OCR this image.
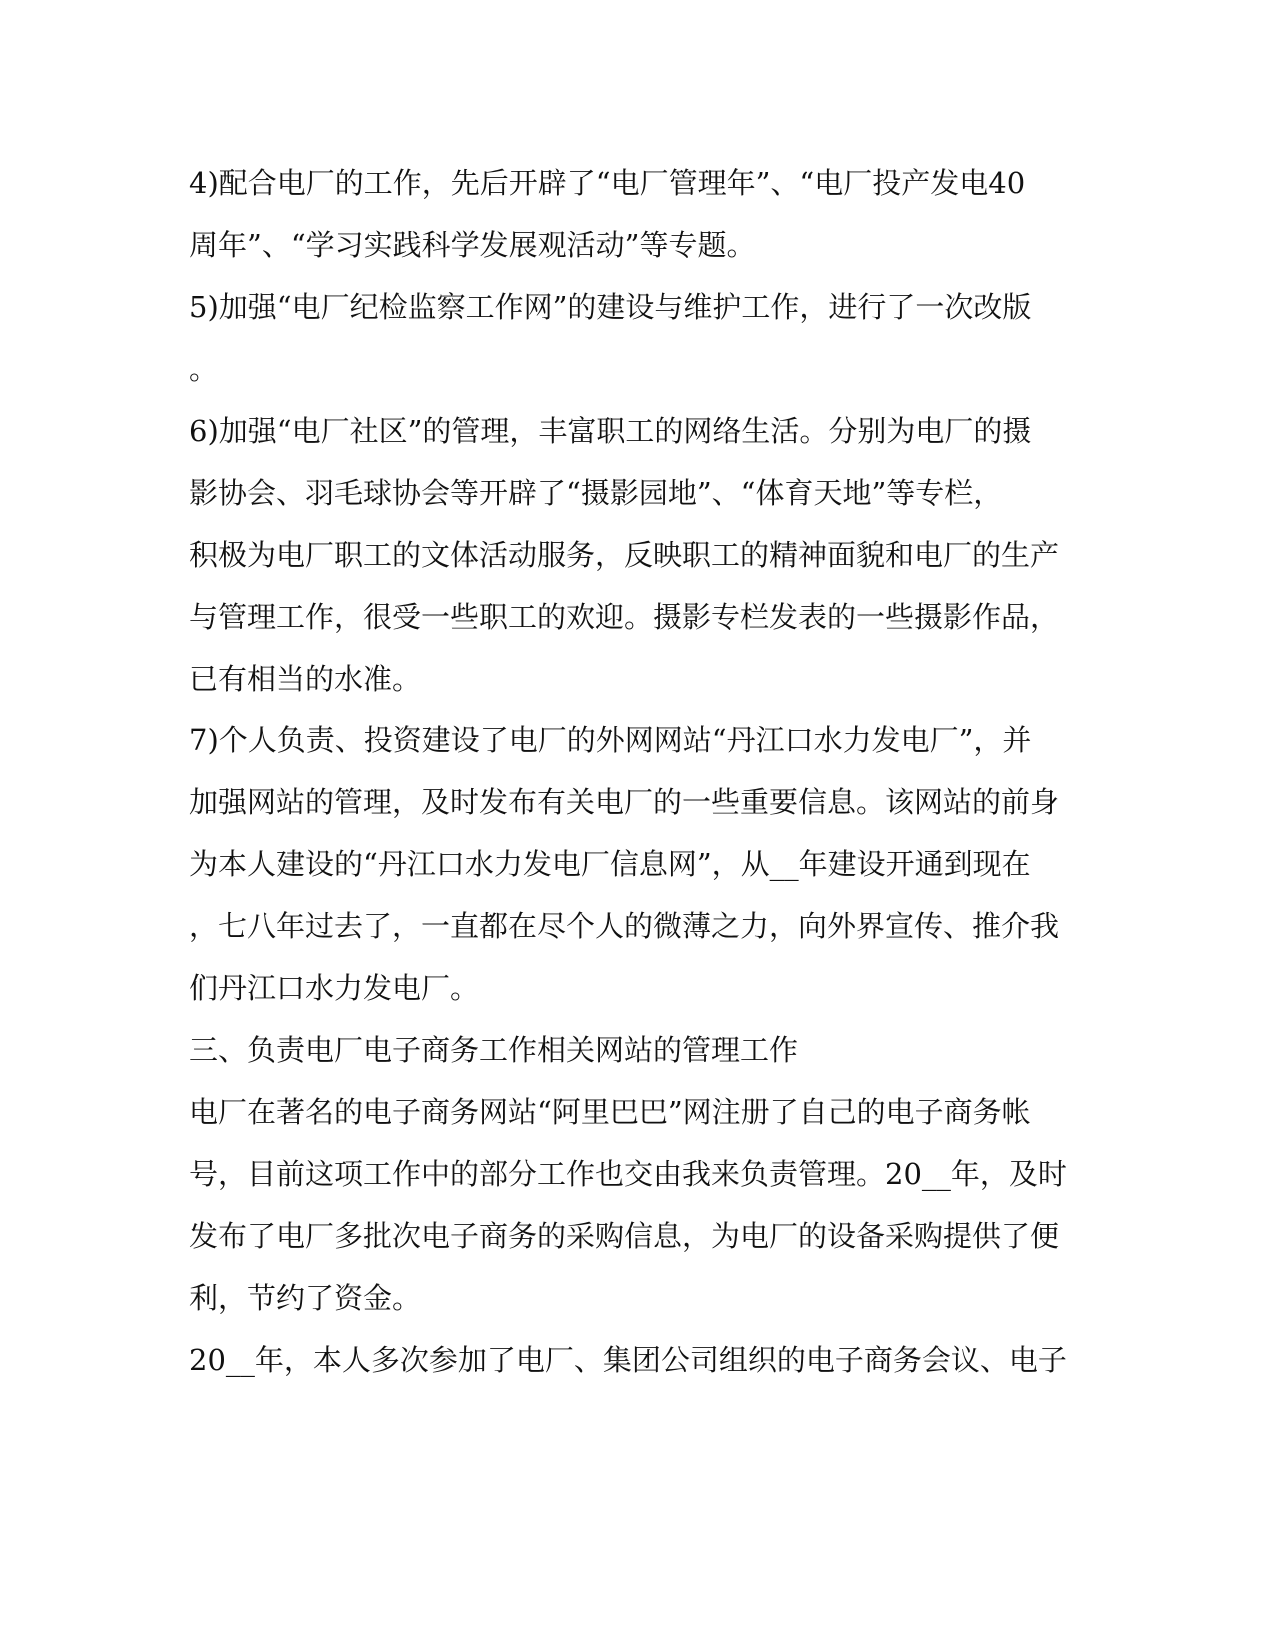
4)配合电厂的工作，先后开辟了“电厂管理年”、“电厂投产发电40
周年”、“学习实践科学发展观活动”等专题。
5)加强“电厂纪检监察工作网”的建设与维护工作，进行了一次改版
。
6)加强“电厂社区”的管理，丰富职工的网络生活。分别为电厂的摄
影协会、羽毛球协会等开辟了“摄影园地”、“体育天地”等专栏，
积极为电厂职工的文体活动服务，反映职工的精神面貌和电厂的生产
与管理工作，很受一些职工的欢迎。摄影专栏发表的一些摄影作品，
已有相当的水准。
7)个人负责、投资建设了电厂的外网网站“丹江口水力发电厂”，并
加强网站的管理，及时发布有关电厂的一些重要信息。该网站的前身
为本人建设的“丹江口水力发电厂信息网”，从__年建设开通到现在
，七八年过去了，一直都在尽个人的微薄之力，向外界宣传、推介我
们丹江口水力发电厂。
三、负责电厂电子商务工作相关网站的管理工作
电厂在著名的电子商务网站“阿里巴巴”网注册了自己的电子商务帐
号，目前这项工作中的部分工作也交由我来负责管理。20__年，及时
发布了电厂多批次电子商务的采购信息，为电厂的设备采购提供了便
利，节约了资金。
20__年，本人多次参加了电厂、集团公司组织的电子商务会议、电子
